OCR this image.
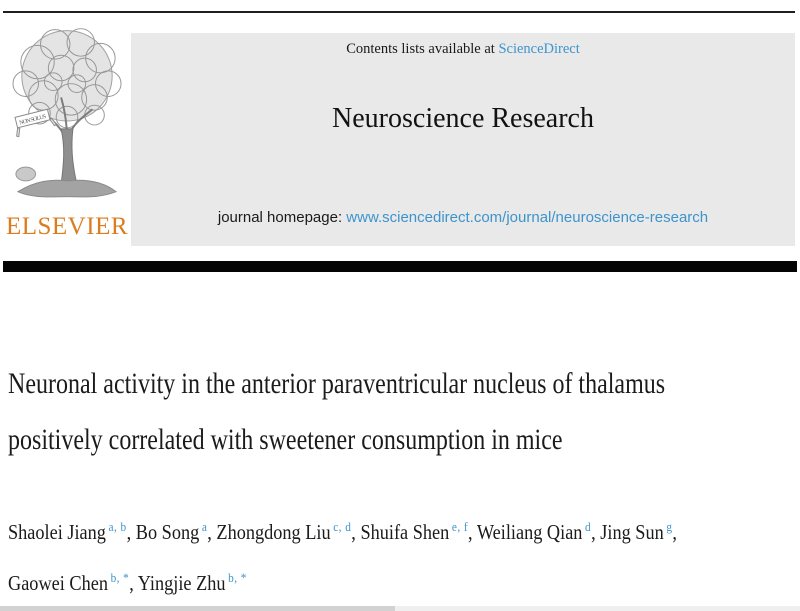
NON SOLUS
ELSEVIER
Contents lists available at ScienceDirect
Neuroscience Research
journal homepage: www.sciencedirect.com/journal/neuroscience-research
Neuronal activity in the anterior paraventricular nucleus of thalamus
positively correlated with sweetener consumption in mice

Shaolei Jiang $^{a, b}$, Bo Song $^a$, Zhongdong Liu $^{c, d}$, Shuifa Shen $^{e, f}$, Weiliang Qian $^d$, Jing Sun $^g$,
Gaowei Chen $^{b, *}$, Yingjie Zhu $^{b, *}$
